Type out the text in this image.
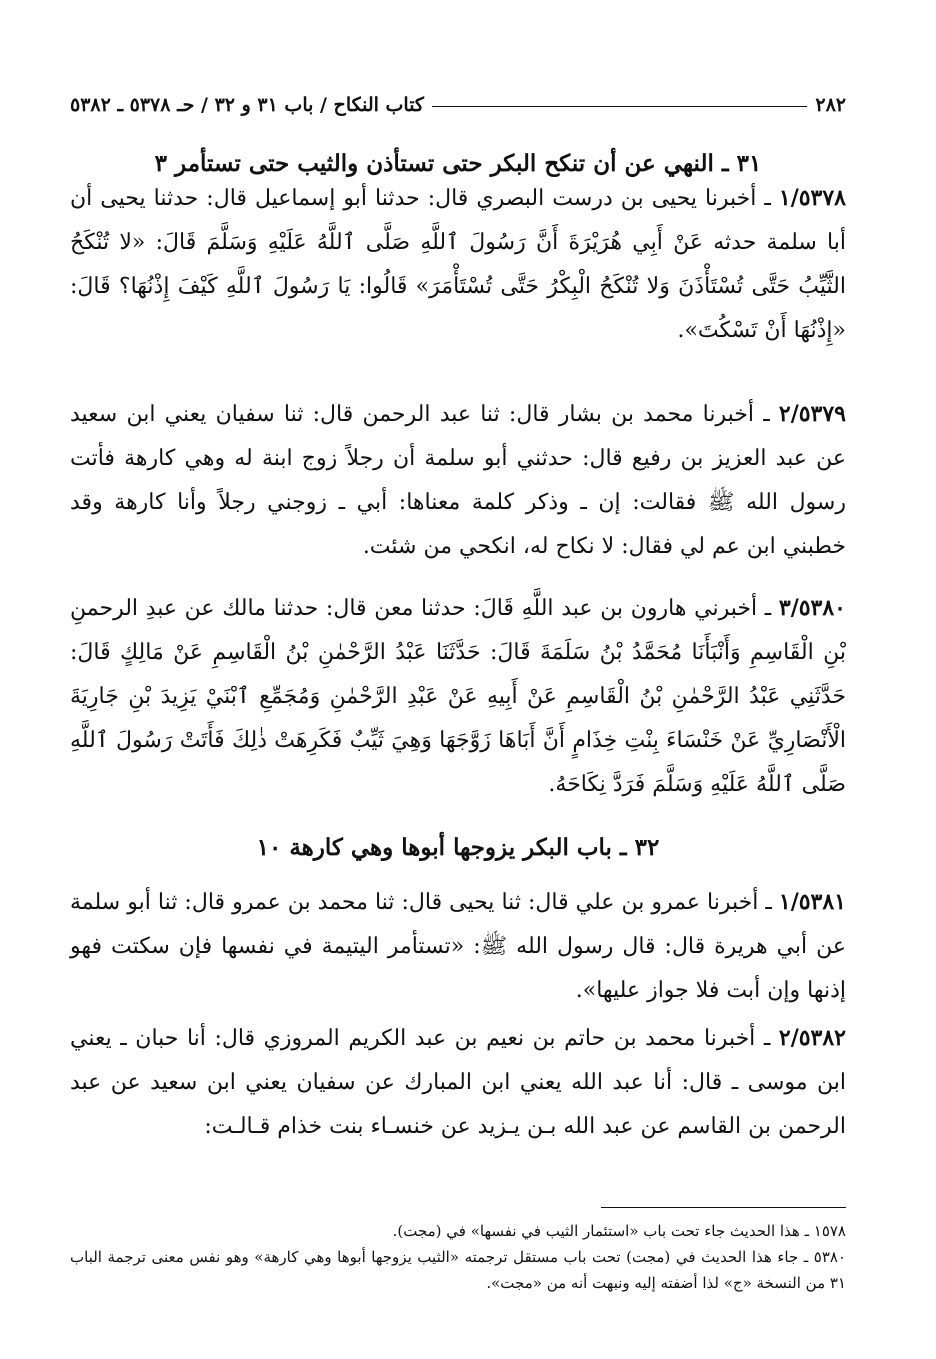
٢٨٢
كتاب النكاح / باب ٣١ و ٣٢ / حـ ٥٣٧٨ ـ ٥٣٨٢

٣١ ـ النهي عن أن تنكح البكر حتى تستأذن والثيب حتى تستأمر ٣

١/٥٣٧٨ ـ أخبرنا يحيى بن درست البصري قال: حدثنا أبو إسماعيل قال: حدثنا يحيى أن أبا سلمة حدثه عَنْ أَبِي هُرَيْرَةَ أَنَّ رَسُولَ ٱللَّهِ صَلَّى ٱللَّهُ عَلَيْهِ وَسَلَّمَ قَالَ: «لا تُنْكَحُ الثَّيِّبُ حَتَّى تُسْتَأْذَنَ وَلا تُنْكَحُ الْبِكْرُ حَتَّى تُسْتَأْمَرَ» قَالُوا: يَا رَسُولَ ٱللَّهِ كَيْفَ إِذْنُهَا؟ قَالَ: «إِذْنُهَا أَنْ تَسْكُتَ».

٢/٥٣٧٩ ـ أخبرنا محمد بن بشار قال: ثنا عبد الرحمن قال: ثنا سفيان يعني ابن سعيد عن عبد العزيز بن رفيع قال: حدثني أبو سلمة أن رجلاً زوج ابنة له وهي كارهة فأتت رسول الله ﷺ فقالت: إن ـ وذكر كلمة معناها: أبي ـ زوجني رجلاً وأنا كارهة وقد خطبني ابن عم لي فقال: لا نكاح له، انكحي من شئت.

٣/٥٣٨٠ ـ أخبرني هارون بن عبد اللَّهِ قَالَ: حدثنا معن قال: حدثنا مالك عن عبدِ الرحمنِ بْنِ الْقَاسِمِ وَأَنْبَأَنَا مُحَمَّدُ بْنُ سَلَمَةَ قَالَ: حَدَّثَنَا عَبْدُ الرَّحْمٰنِ بْنُ الْقَاسِمِ عَنْ مَالِكٍ قَالَ: حَدَّثَنِي عَبْدُ الرَّحْمٰنِ بْنُ الْقَاسِمِ عَنْ أَبِيهِ عَنْ عَبْدِ الرَّحْمٰنِ وَمُجَمِّعِ ٱبْنَيْ يَزِيدَ بْنِ جَارِيَةَ الْأَنْصَارِيِّ عَنْ خَنْسَاءَ بِنْتِ خِذَامٍ أَنَّ أَبَاهَا زَوَّجَهَا وَهِيَ ثَيِّبٌ فَكَرِهَتْ ذٰلِكَ فَأَتَتْ رَسُولَ ٱللَّهِ صَلَّى ٱللَّهُ عَلَيْهِ وَسَلَّمَ فَرَدَّ نِكَاحَهُ.

٣٢ ـ باب البكر يزوجها أبوها وهي كارهة ١٠

١/٥٣٨١ ـ أخبرنا عمرو بن علي قال: ثنا يحيى قال: ثنا محمد بن عمرو قال: ثنا أبو سلمة عن أبي هريرة قال: قال رسول الله ﷺ: «تستأمر اليتيمة في نفسها فإن سكتت فهو إذنها وإن أبت فلا جواز عليها».

٢/٥٣٨٢ ـ أخبرنا محمد بن حاتم بن نعيم بن عبد الكريم المروزي قال: أنا حبان ـ يعني ابن موسى ـ قال: أنا عبد الله يعني ابن المبارك عن سفيان يعني ابن سعيد عن عبد الرحمن بن القاسم عن عبد الله بـن يـزيد عن خنسـاء بنت خذام قـالـت:

١٥٧٨ ـ هذا الحديث جاء تحت باب «استئمار الثيب في نفسها» في (مجت).

٥٣٨٠ ـ جاء هذا الحديث في (مجت) تحت باب مستقل ترجمته «الثيب يزوجها أبوها وهي كارهة» وهو نفس معنى ترجمة الباب ٣١ من النسخة «ج» لذا أضفته إليه ونبهت أنه من «مجت».
